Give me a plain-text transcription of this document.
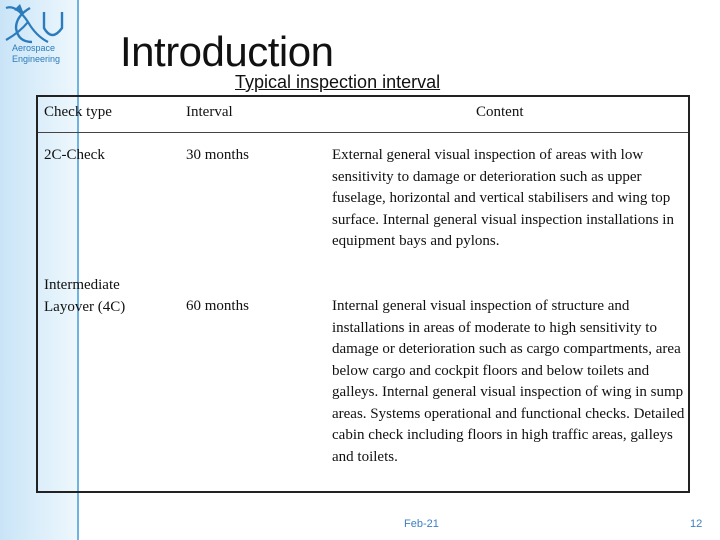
Aerospace
Engineering Introduction
Typical inspection interval
Check type	Interval	Content
2C-Check	30 months	External general visual inspection of areas with low sensitivity to damage or deterioration such as upper fuselage, horizontal and vertical stabilisers and wing top surface. Internal general visual inspection installations in equipment bays and pylons.
Intermediate Layover (4C)	60 months	Internal general visual inspection of structure and installations in areas of moderate to high sensitivity to damage or deterioration such as cargo compartments, area below cargo and cockpit floors and below toilets and galleys. Internal general visual inspection of wing in sump areas. Systems operational and functional checks. Detailed cabin check including floors in high traffic areas, galleys and toilets.
Feb-21	12
